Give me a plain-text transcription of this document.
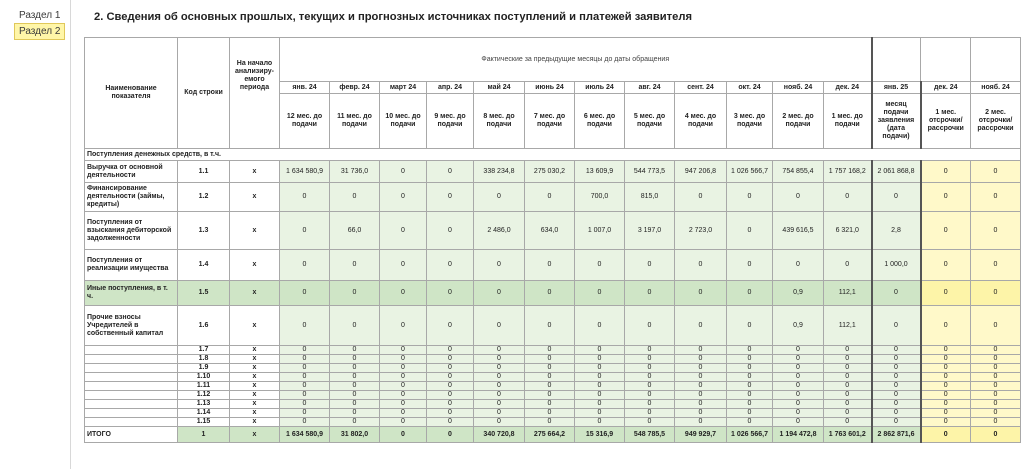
Раздел 1
Раздел 2
2. Сведения об основных прошлых, текущих и прогнозных источниках поступлений и платежей заявителя
Наименование показателя	Код строки	На начало анализиру-емого периода	Фактические за предыдущие месяцы до даты обращения														
			янв. 24	февр. 24	март 24	апр. 24	май 24	июнь 24	июль 24	авг. 24	сент. 24	окт. 24	нояб. 24	дек. 24	янв. 25	дек. 24	нояб. 24
			12 мес. до подачи	11 мес. до подачи	10 мес. до подачи	9 мес. до подачи	8 мес. до подачи	7 мес. до подачи	6 мес. до подачи	5 мес. до подачи	4 мес. до подачи	3 мес. до подачи	2 мес. до подачи	1 мес. до подачи	месяц подачи заявления (дата подачи)	1 мес. отсрочки/ рассрочки	2 мес. отсрочки/ рассрочки
Поступления денежных средств, в т.ч.																	
Выручка от основной деятельности	1.1	х	1 634 580,9	31 736,0	0	0	338 234,8	275 030,2	13 609,9	544 773,5	947 206,8	1 026 566,7	754 855,4	1 757 168,2	2 061 868,8	0	0
Финансирование деятельности (займы, кредиты)	1.2	х	0	0	0	0	0	0	700,0	815,0	0	0	0	0	0	0	0
Поступления от взыскания дебиторской задолженности	1.3	х	0	66,0	0	0	2 486,0	634,0	1 007,0	3 197,0	2 723,0	0	439 616,5	6 321,0	2,8	0	0
Поступления от реализации имущества	1.4	х	0	0	0	0	0	0	0	0	0	0	0	0	1 000,0	0	0
Иные поступления, в т. ч.	1.5	х	0	0	0	0	0	0	0	0	0	0	0,9	112,1	0	0	0
Прочие взносы Учредителей в собственный капитал	1.6	х	0	0	0	0	0	0	0	0	0	0	0,9	112,1	0	0	0
	1.7	х	0	0	0	0	0	0	0	0	0	0	0	0	0	0	0
	1.8	х	0	0	0	0	0	0	0	0	0	0	0	0	0	0	0
	1.9	х	0	0	0	0	0	0	0	0	0	0	0	0	0	0	0
	1.10	х	0	0	0	0	0	0	0	0	0	0	0	0	0	0	0
	1.11	х	0	0	0	0	0	0	0	0	0	0	0	0	0	0	0
	1.12	х	0	0	0	0	0	0	0	0	0	0	0	0	0	0	0
	1.13	х	0	0	0	0	0	0	0	0	0	0	0	0	0	0	0
	1.14	х	0	0	0	0	0	0	0	0	0	0	0	0	0	0	0
	1.15	х	0	0	0	0	0	0	0	0	0	0	0	0	0	0	0
ИТОГО	1	х	1 634 580,9	31 802,0	0	0	340 720,8	275 664,2	15 316,9	548 785,5	949 929,7	1 026 566,7	1 194 472,8	1 763 601,2	2 862 871,6	0	0
